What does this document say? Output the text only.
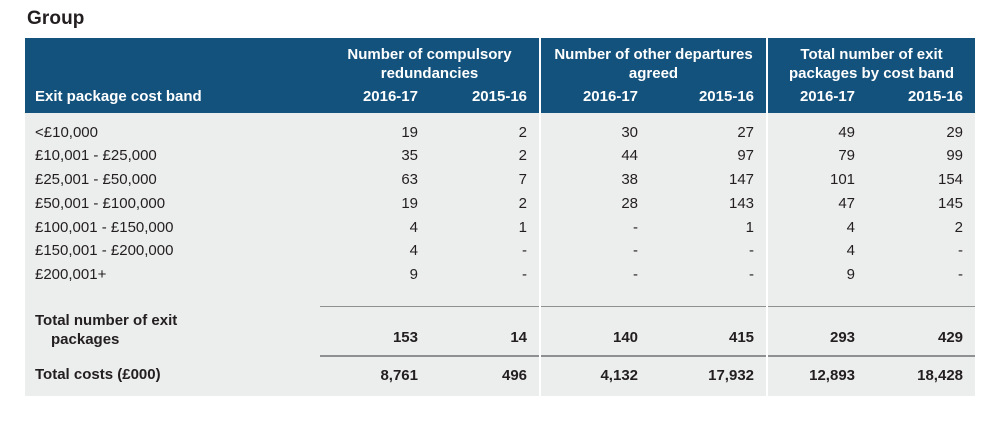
Group
Exit package cost band	Number of compulsory redundancies		Number of other departures agreed		Total number of exit packages by cost band	
	2016-17	2015-16	2016-17	2015-16	2016-17	2015-16
<£10,000	19	2	30	27	49	29
£10,001 - £25,000	35	2	44	97	79	99
£25,001 - £50,000	63	7	38	147	101	154
£50,001 - £100,000	19	2	28	143	47	145
£100,001 - £150,000	4	1	-	1	4	2
£150,001 - £200,000	4	-	-	-	4	-
£200,001+	9	-	-	-	9	-

Total number of exit
packages	153	14	140	415	293	429
Total costs (£000)	8,761	496	4,132	17,932	12,893	18,428
